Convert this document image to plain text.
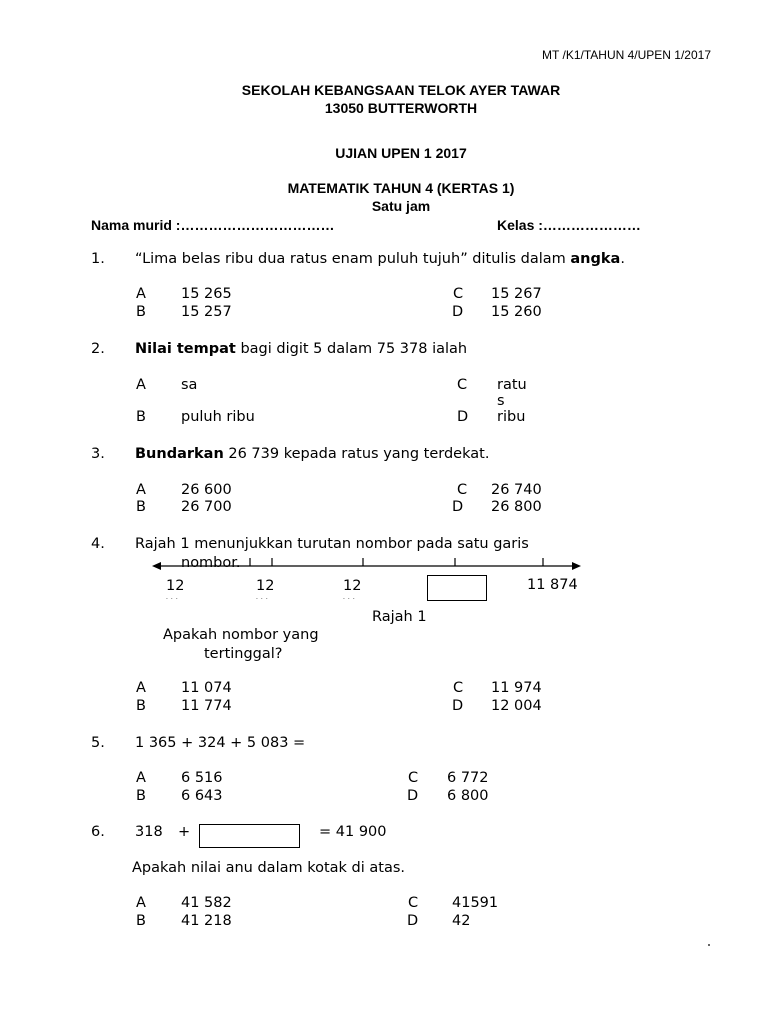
MT /K1/TAHUN 4/UPEN 1/2017
SEKOLAH KEBANGSAAN TELOK AYER TAWAR
13050 BUTTERWORTH
UJIAN UPEN 1 2017
MATEMATIK TAHUN 4 (KERTAS 1)
Satu jam
Nama murid :……………………………	Kelas :…………………
1. “Lima belas ribu dua ratus enam puluh tujuh” ditulis dalam angka.
A 15 265
B 15 257
C 15 267
D 15 260
2. Nilai tempat bagi digit 5 dalam 75 378 ialah
A sa
B puluh ribu
C ratu
s
D ribu
3. Bundarkan 26 739 kepada ratus yang terdekat.
A 26 600
B 26 700
C 26 740
D 26 800
4. Rajah 1 menunjukkan turutan nombor pada satu garis
nombor.
12
...
12
...
12
...
11 874
Rajah 1
Apakah nombor yang
tertinggal?
A 11 074
B 11 774
C 11 974
D 12 004
5. 1 365 + 324 + 5 083 =
A 6 516
B 6 643
C 6 772
D 6 800
6. 318 +	= 41 900
Apakah nilai anu dalam kotak di atas.
A 41 582
B 41 218
C 41591
D 42
